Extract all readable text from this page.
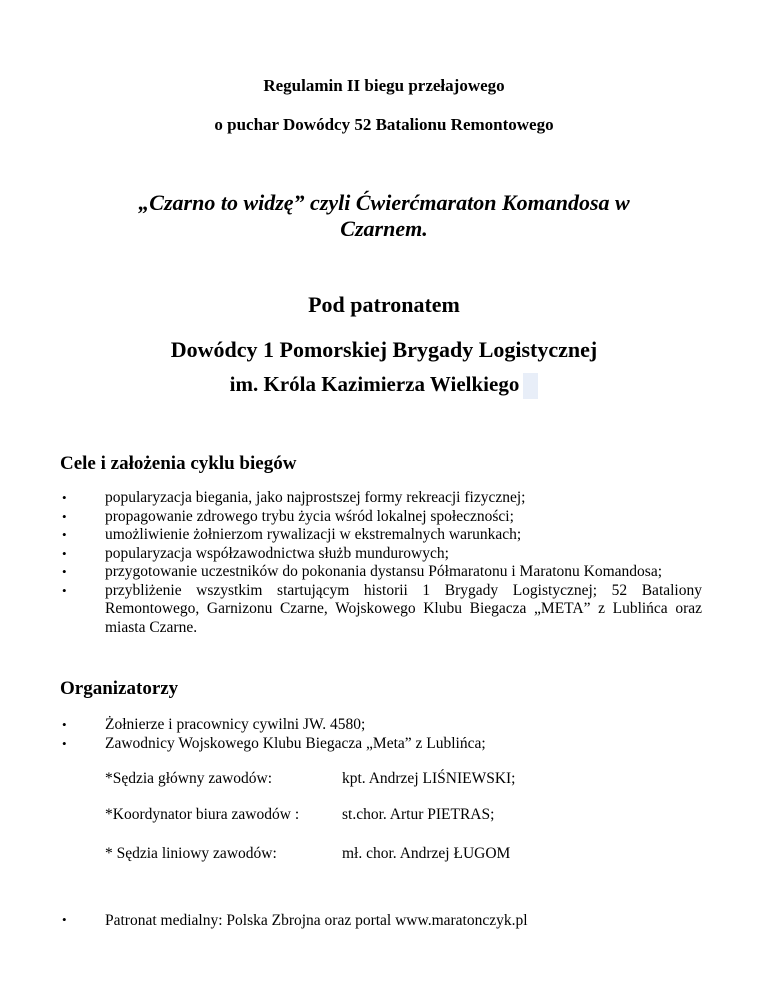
Regulamin II biegu przełajowego
o puchar Dowódcy 52 Batalionu Remontowego
„Czarno to widzę” czyli Ćwierćmaraton Komandosa w
Czarnem.
Pod patronatem
Dowódcy 1 Pomorskiej Brygady Logistycznej
im. Króla Kazimierza Wielkiego
Cele i założenia cyklu biegów
• popularyzacja biegania, jako najprostszej formy rekreacji fizycznej;
• propagowanie zdrowego trybu życia wśród lokalnej społeczności;
• umożliwienie żołnierzom rywalizacji w ekstremalnych warunkach;
• popularyzacja współzawodnictwa służb mundurowych;
• przygotowanie uczestników do pokonania dystansu Półmaratonu i Maratonu Komandosa;
• przybliżenie wszystkim startującym historii 1 Brygady Logistycznej; 52 Bataliony Remontowego, Garnizonu Czarne, Wojskowego Klubu Biegacza „META” z Lublińca oraz miasta Czarne.
Organizatorzy
• Żołnierze i pracownicy cywilni JW. 4580;
• Zawodnicy Wojskowego Klubu Biegacza „Meta” z Lublińca;
*Sędzia główny zawodów:	kpt. Andrzej LIŚNIEWSKI;
*Koordynator biura zawodów :	st.chor. Artur PIETRAS;
* Sędzia liniowy zawodów:	mł. chor. Andrzej ŁUGOM
• Patronat medialny: Polska Zbrojna oraz portal www.maratonczyk.pl
